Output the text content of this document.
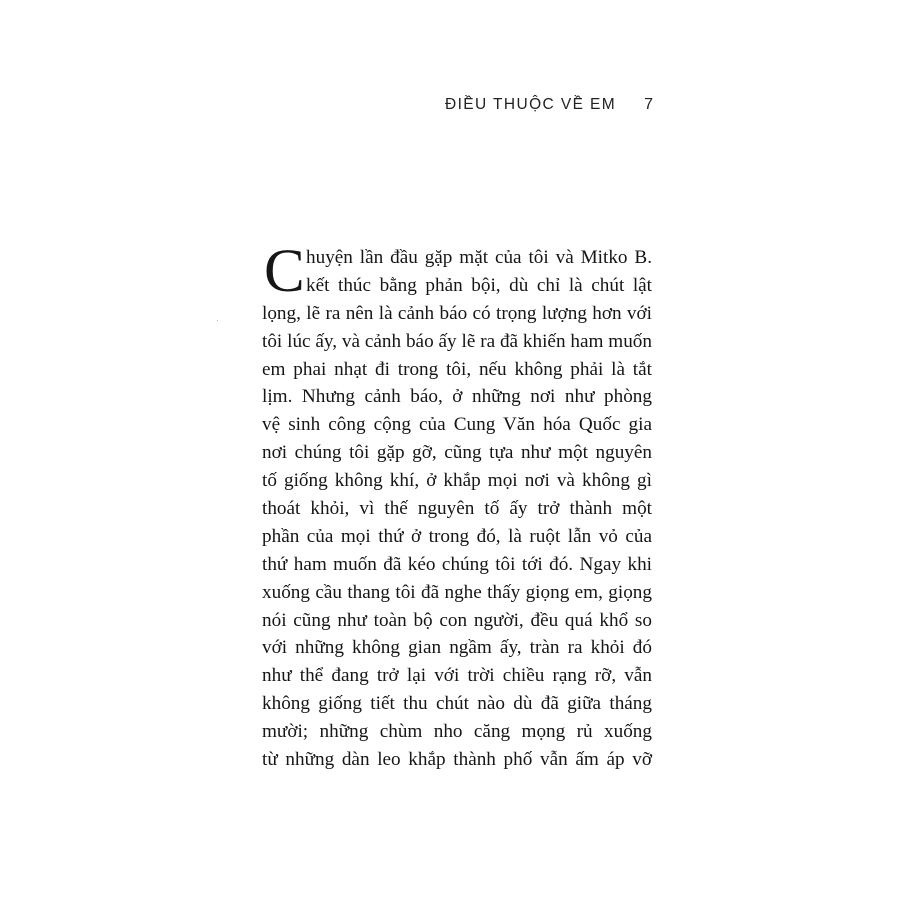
ĐIỀU THUỘC VỀ EM 7
C huyện lần đầu gặp mặt của tôi và Mitko B.
kết thúc bằng phản bội, dù chỉ là chút lật
lọng, lẽ ra nên là cảnh báo có trọng lượng hơn với
tôi lúc ấy, và cảnh báo ấy lẽ ra đã khiến ham muốn
em phai nhạt đi trong tôi, nếu không phải là tắt
lịm. Nhưng cảnh báo, ở những nơi như phòng
vệ sinh công cộng của Cung Văn hóa Quốc gia
nơi chúng tôi gặp gỡ, cũng tựa như một nguyên
tố giống không khí, ở khắp mọi nơi và không gì
thoát khỏi, vì thế nguyên tố ấy trở thành một
phần của mọi thứ ở trong đó, là ruột lẫn vỏ của
thứ ham muốn đã kéo chúng tôi tới đó. Ngay khi
xuống cầu thang tôi đã nghe thấy giọng em, giọng
nói cũng như toàn bộ con người, đều quá khổ so
với những không gian ngầm ấy, tràn ra khỏi đó
như thể đang trở lại với trời chiều rạng rỡ, vẫn
không giống tiết thu chút nào dù đã giữa tháng
mười; những chùm nho căng mọng rủ xuống
từ những dàn leo khắp thành phố vẫn ấm áp vỡ
